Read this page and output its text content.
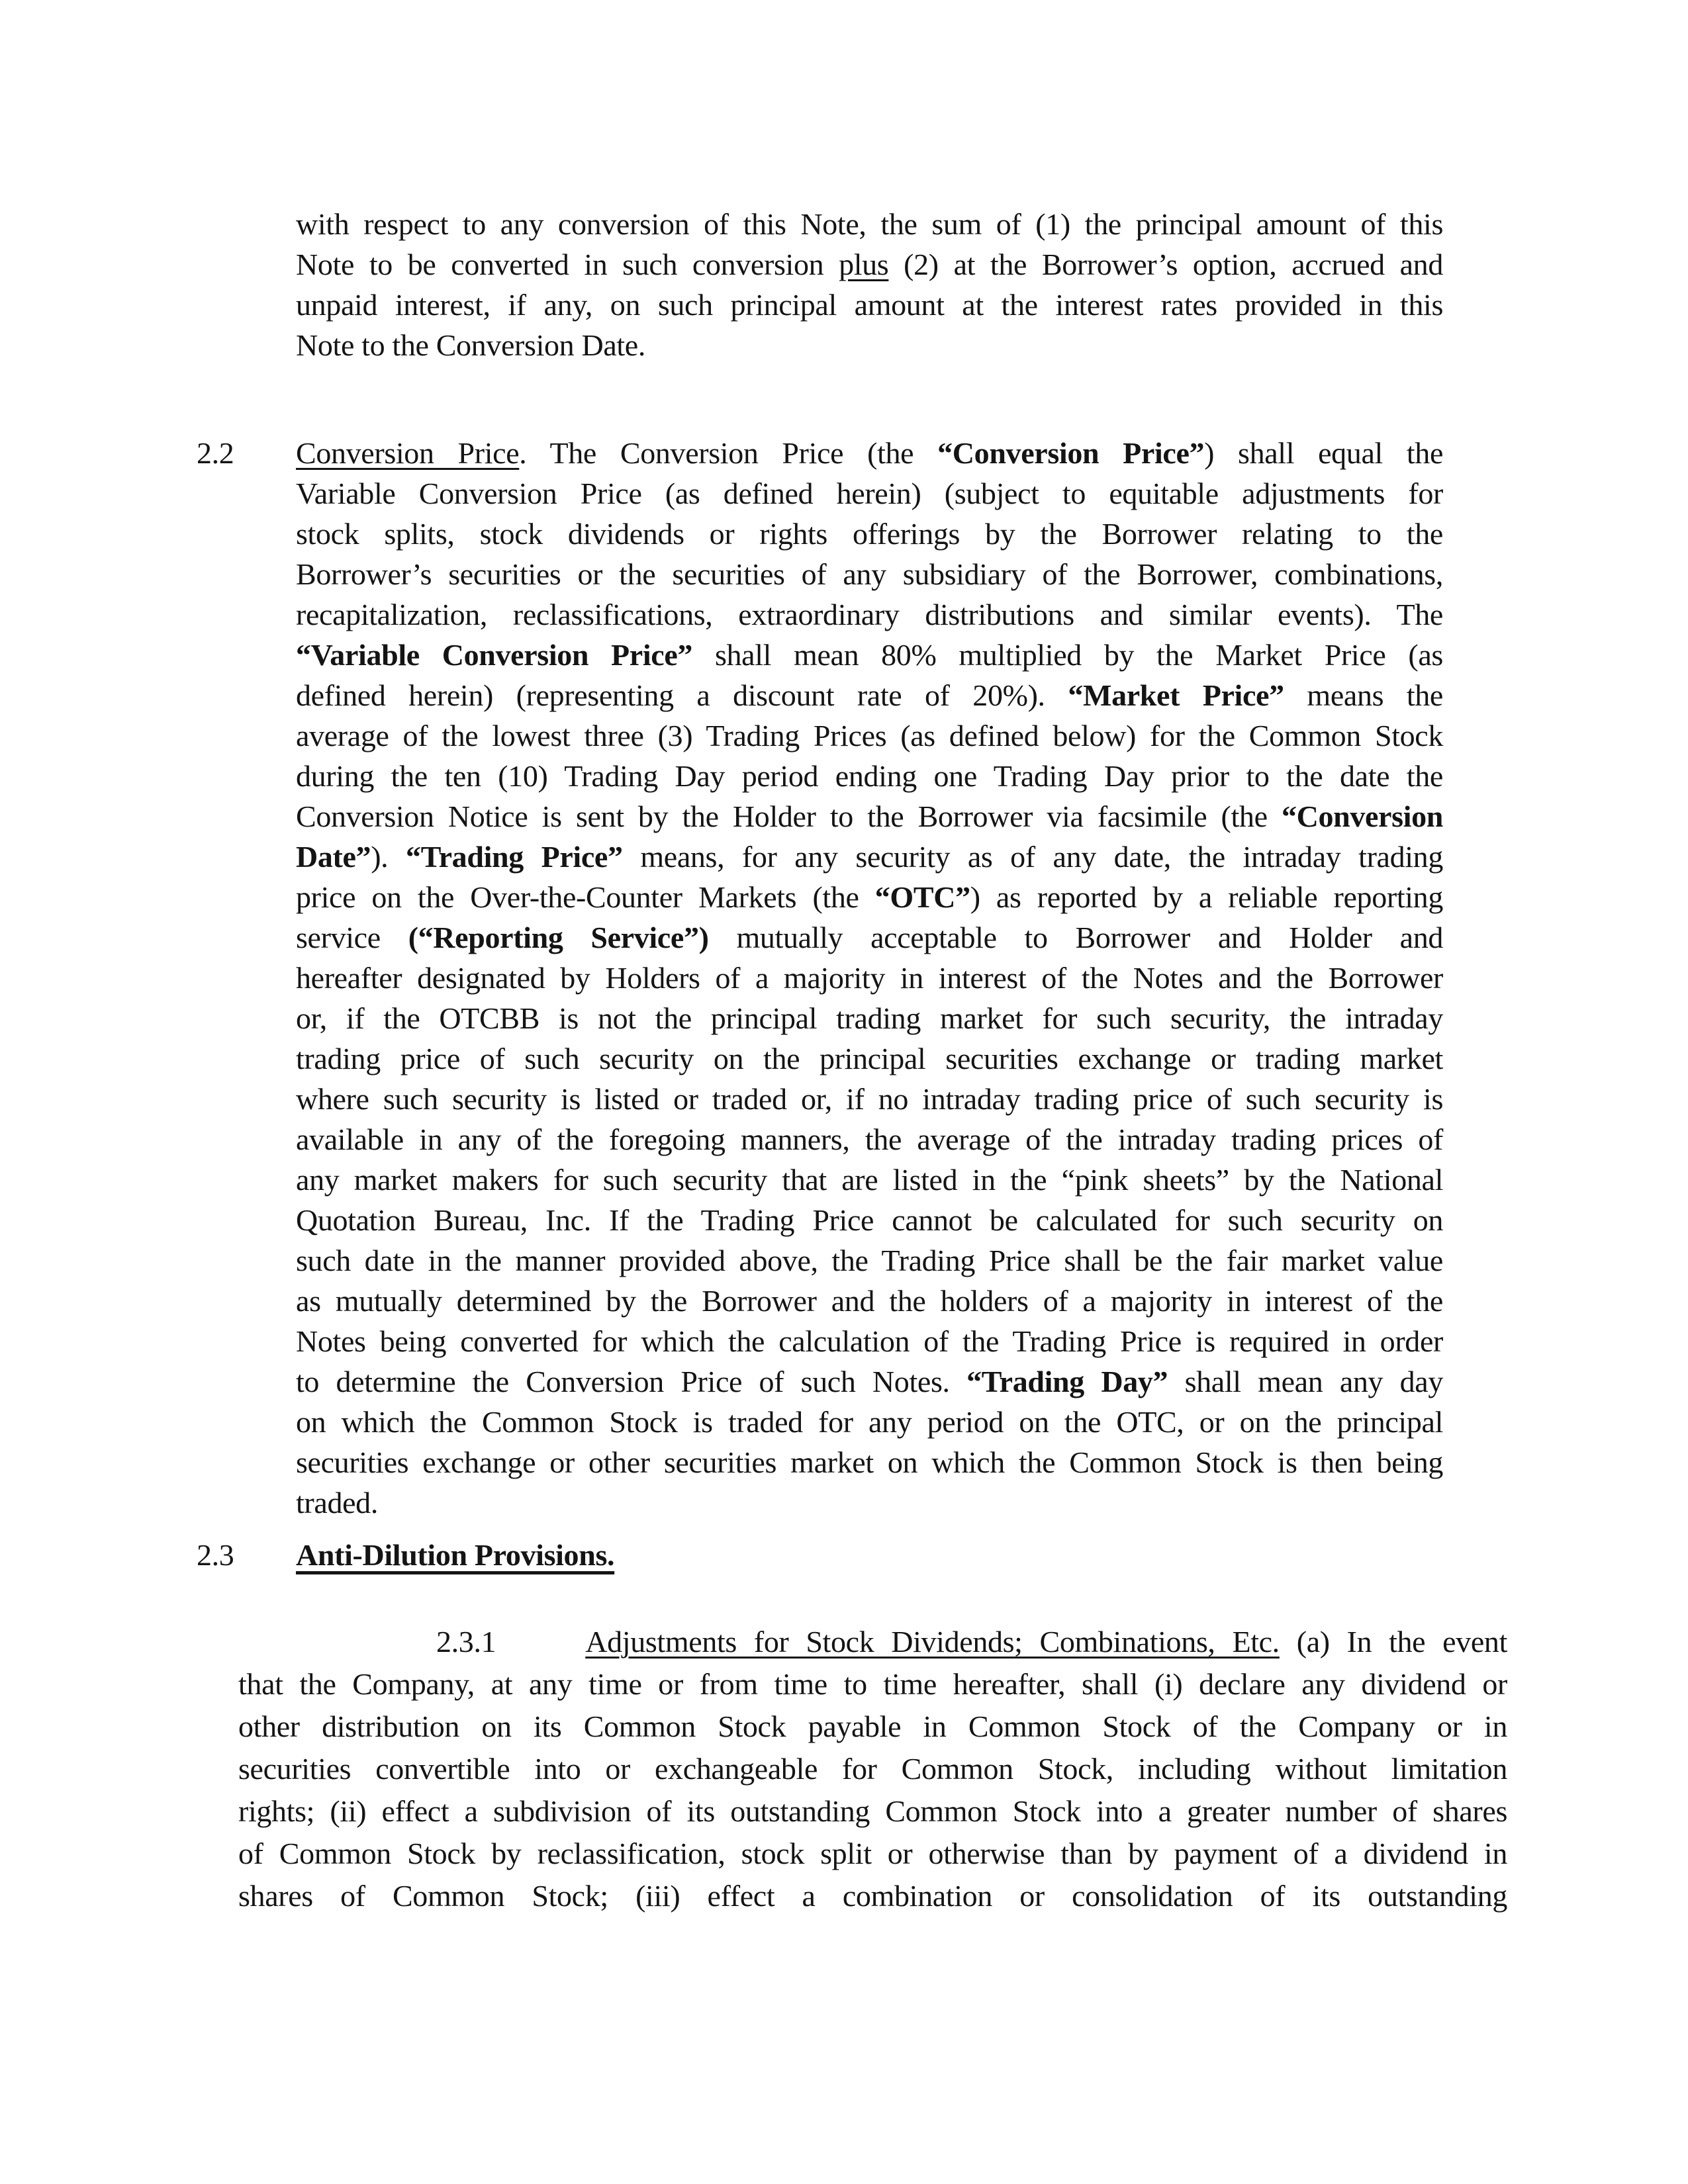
with respect to any conversion of this Note, the sum of (1) the principal amount of this
Note to be converted in such conversion plus (2) at the Borrower’s option, accrued and
unpaid interest, if any, on such principal amount at the interest rates provided in this
Note to the Conversion Date.
2.2 Conversion Price. The Conversion Price (the “Conversion Price”) shall equal the
Variable Conversion Price (as defined herein) (subject to equitable adjustments for
stock splits, stock dividends or rights offerings by the Borrower relating to the
Borrower’s securities or the securities of any subsidiary of the Borrower, combinations,
recapitalization, reclassifications, extraordinary distributions and similar events). The
“Variable Conversion Price” shall mean 80% multiplied by the Market Price (as
defined herein) (representing a discount rate of 20%). “Market Price” means the
average of the lowest three (3) Trading Prices (as defined below) for the Common Stock
during the ten (10) Trading Day period ending one Trading Day prior to the date the
Conversion Notice is sent by the Holder to the Borrower via facsimile (the “Conversion
Date”). “Trading Price” means, for any security as of any date, the intraday trading
price on the Over-the-Counter Markets (the “OTC”) as reported by a reliable reporting
service (“Reporting Service”) mutually acceptable to Borrower and Holder and
hereafter designated by Holders of a majority in interest of the Notes and the Borrower
or, if the OTCBB is not the principal trading market for such security, the intraday
trading price of such security on the principal securities exchange or trading market
where such security is listed or traded or, if no intraday trading price of such security is
available in any of the foregoing manners, the average of the intraday trading prices of
any market makers for such security that are listed in the “pink sheets” by the National
Quotation Bureau, Inc. If the Trading Price cannot be calculated for such security on
such date in the manner provided above, the Trading Price shall be the fair market value
as mutually determined by the Borrower and the holders of a majority in interest of the
Notes being converted for which the calculation of the Trading Price is required in order
to determine the Conversion Price of such Notes. “Trading Day” shall mean any day
on which the Common Stock is traded for any period on the OTC, or on the principal
securities exchange or other securities market on which the Common Stock is then being
traded.
2.3 Anti-Dilution Provisions.
2.3.1	Adjustments for Stock Dividends; Combinations, Etc. (a) In the event
that the Company, at any time or from time to time hereafter, shall (i) declare any dividend or
other distribution on its Common Stock payable in Common Stock of the Company or in
securities convertible into or exchangeable for Common Stock, including without limitation
rights; (ii) effect a subdivision of its outstanding Common Stock into a greater number of shares
of Common Stock by reclassification, stock split or otherwise than by payment of a dividend in
shares of Common Stock; (iii) effect a combination or consolidation of its outstanding
